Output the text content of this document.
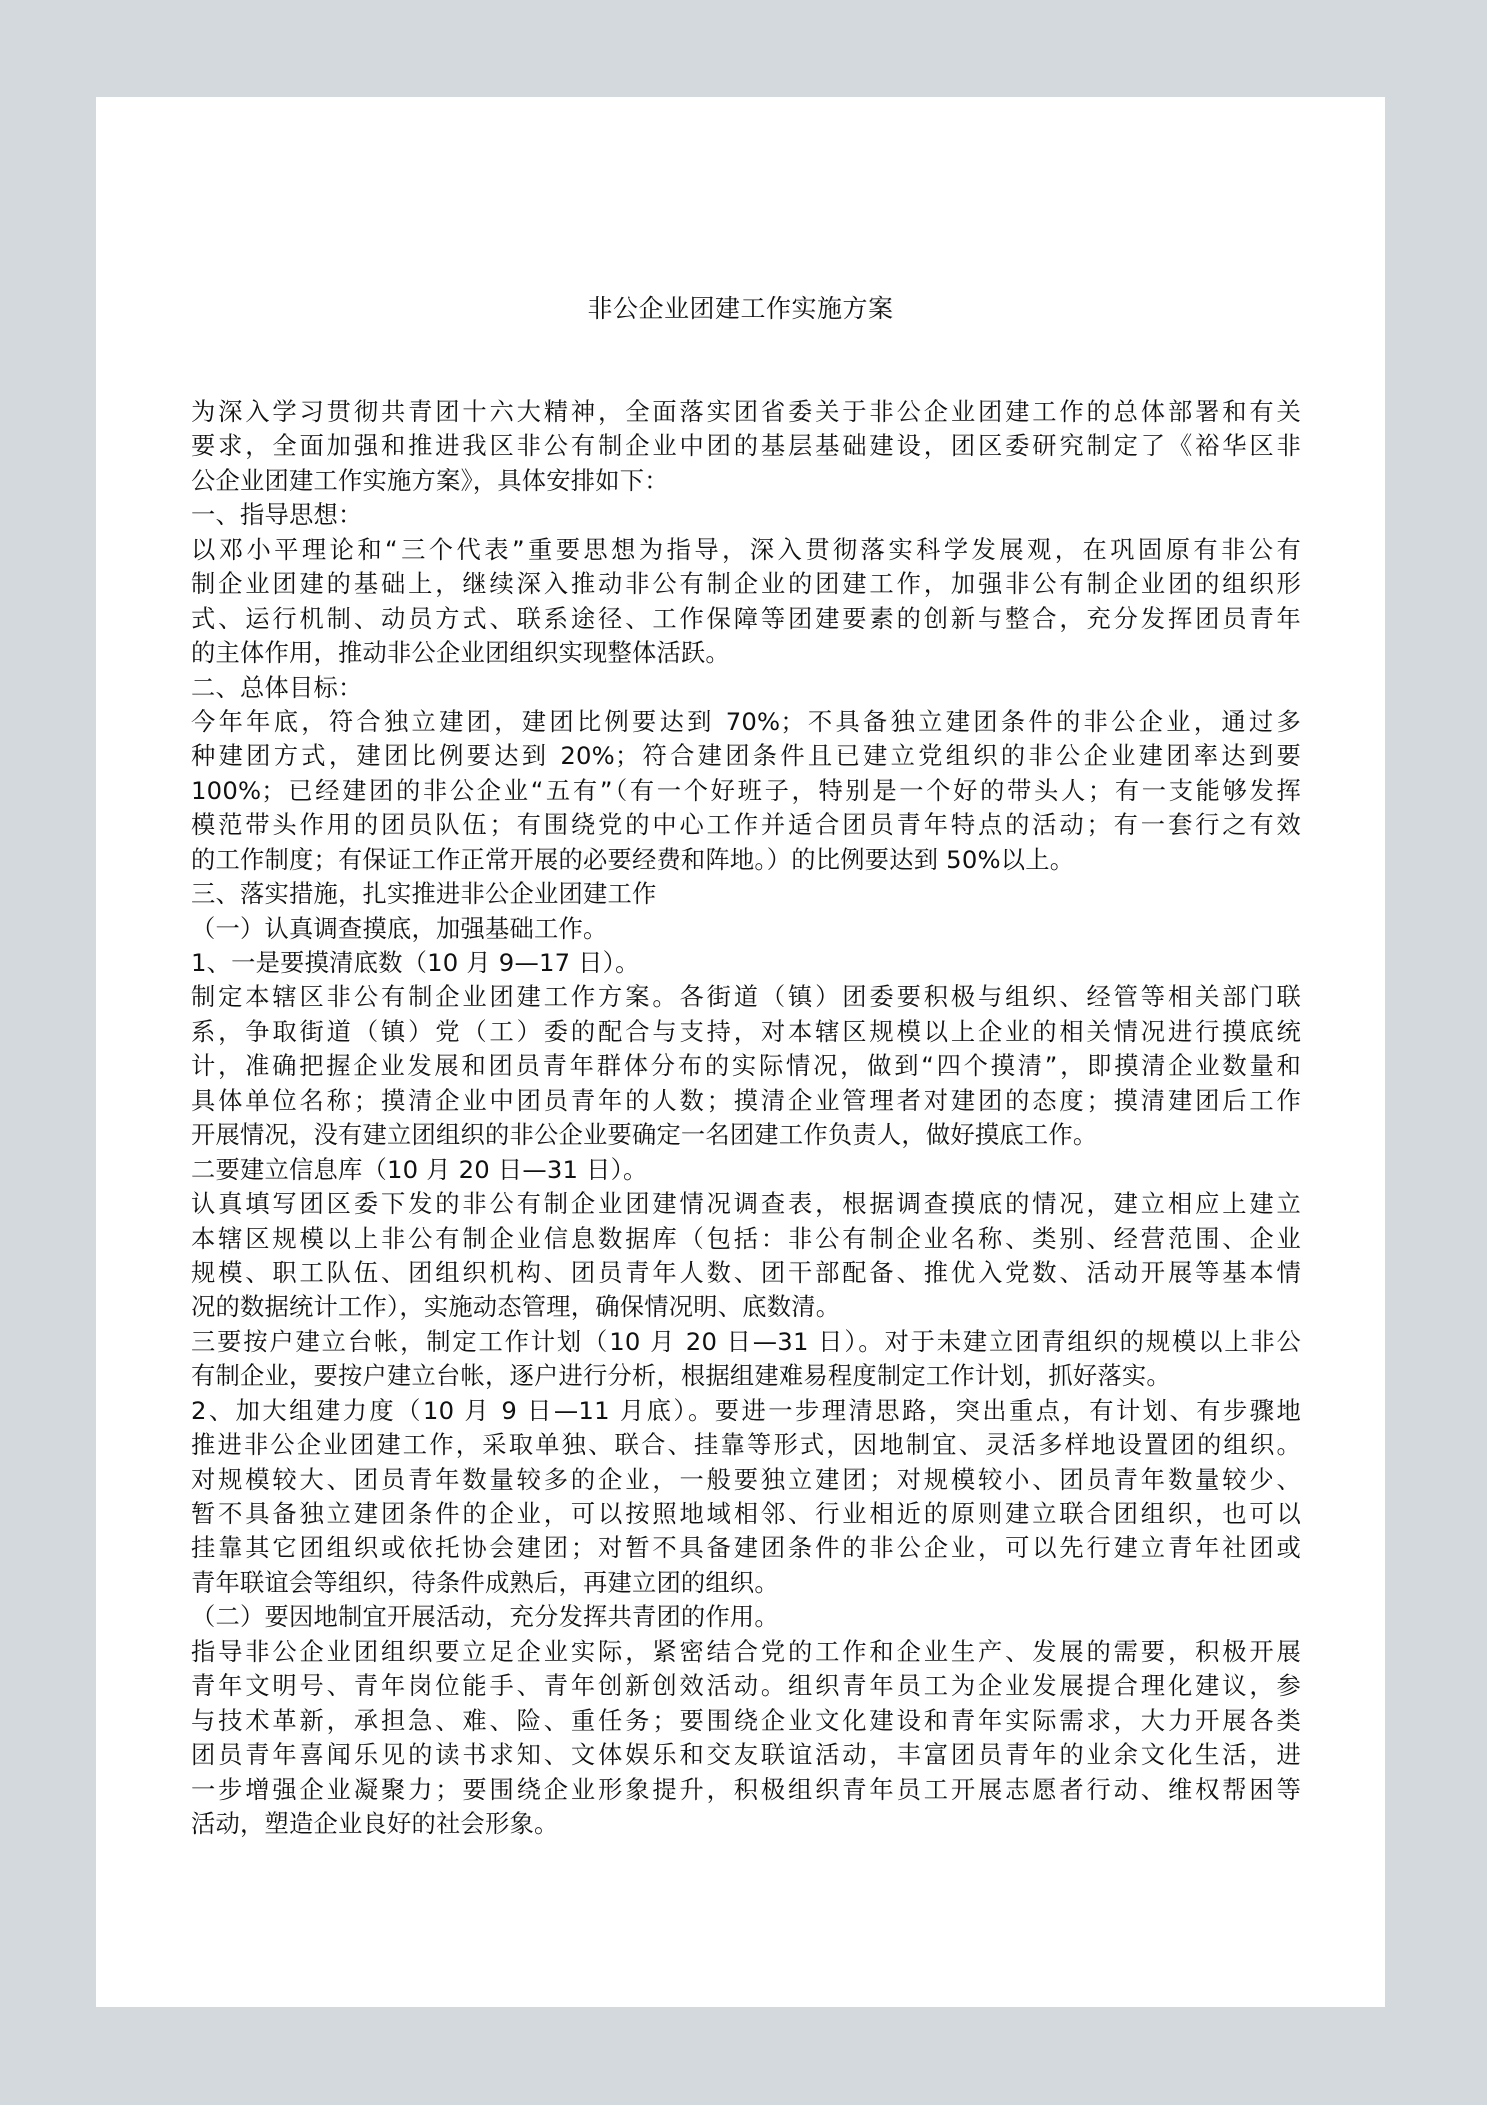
非公企业团建工作实施方案
为深入学习贯彻共青团十六大精神，全面落实团省委关于非公企业团建工作的总体部署和有关
要求，全面加强和推进我区非公有制企业中团的基层基础建设，团区委研究制定了《裕华区非
公企业团建工作实施方案》，具体安排如下：
一、指导思想：
以邓小平理论和“三个代表”重要思想为指导，深入贯彻落实科学发展观，在巩固原有非公有
制企业团建的基础上，继续深入推动非公有制企业的团建工作，加强非公有制企业团的组织形
式、运行机制、动员方式、联系途径、工作保障等团建要素的创新与整合，充分发挥团员青年
的主体作用，推动非公企业团组织实现整体活跃。
二、总体目标：
今年年底，符合独立建团，建团比例要达到 70%；不具备独立建团条件的非公企业，通过多
种建团方式，建团比例要达到 20%；符合建团条件且已建立党组织的非公企业建团率达到要
100%；已经建团的非公企业“五有”（有一个好班子，特别是一个好的带头人；有一支能够发挥
模范带头作用的团员队伍；有围绕党的中心工作并适合团员青年特点的活动；有一套行之有效
的工作制度；有保证工作正常开展的必要经费和阵地。）的比例要达到 50%以上。
三、落实措施，扎实推进非公企业团建工作
（一）认真调查摸底，加强基础工作。
1、一是要摸清底数（10 月 9—17 日）。
制定本辖区非公有制企业团建工作方案。各街道（镇）团委要积极与组织、经管等相关部门联
系，争取街道（镇）党（工）委的配合与支持，对本辖区规模以上企业的相关情况进行摸底统
计，准确把握企业发展和团员青年群体分布的实际情况，做到“四个摸清”，即摸清企业数量和
具体单位名称；摸清企业中团员青年的人数；摸清企业管理者对建团的态度；摸清建团后工作
开展情况，没有建立团组织的非公企业要确定一名团建工作负责人，做好摸底工作。
二要建立信息库（10 月 20 日—31 日）。
认真填写团区委下发的非公有制企业团建情况调查表，根据调查摸底的情况，建立相应上建立
本辖区规模以上非公有制企业信息数据库（包括：非公有制企业名称、类别、经营范围、企业
规模、职工队伍、团组织机构、团员青年人数、团干部配备、推优入党数、活动开展等基本情
况的数据统计工作），实施动态管理，确保情况明、底数清。
三要按户建立台帐，制定工作计划（10 月 20 日—31 日）。对于未建立团青组织的规模以上非公
有制企业，要按户建立台帐，逐户进行分析，根据组建难易程度制定工作计划，抓好落实。
2、加大组建力度（10 月 9 日—11 月底）。要进一步理清思路，突出重点，有计划、有步骤地
推进非公企业团建工作，采取单独、联合、挂靠等形式，因地制宜、灵活多样地设置团的组织。
对规模较大、团员青年数量较多的企业，一般要独立建团；对规模较小、团员青年数量较少、
暂不具备独立建团条件的企业，可以按照地域相邻、行业相近的原则建立联合团组织，也可以
挂靠其它团组织或依托协会建团；对暂不具备建团条件的非公企业，可以先行建立青年社团或
青年联谊会等组织，待条件成熟后，再建立团的组织。
（二）要因地制宜开展活动，充分发挥共青团的作用。
指导非公企业团组织要立足企业实际，紧密结合党的工作和企业生产、发展的需要，积极开展
青年文明号、青年岗位能手、青年创新创效活动。组织青年员工为企业发展提合理化建议，参
与技术革新，承担急、难、险、重任务；要围绕企业文化建设和青年实际需求，大力开展各类
团员青年喜闻乐见的读书求知、文体娱乐和交友联谊活动，丰富团员青年的业余文化生活，进
一步增强企业凝聚力；要围绕企业形象提升，积极组织青年员工开展志愿者行动、维权帮困等
活动，塑造企业良好的社会形象。
